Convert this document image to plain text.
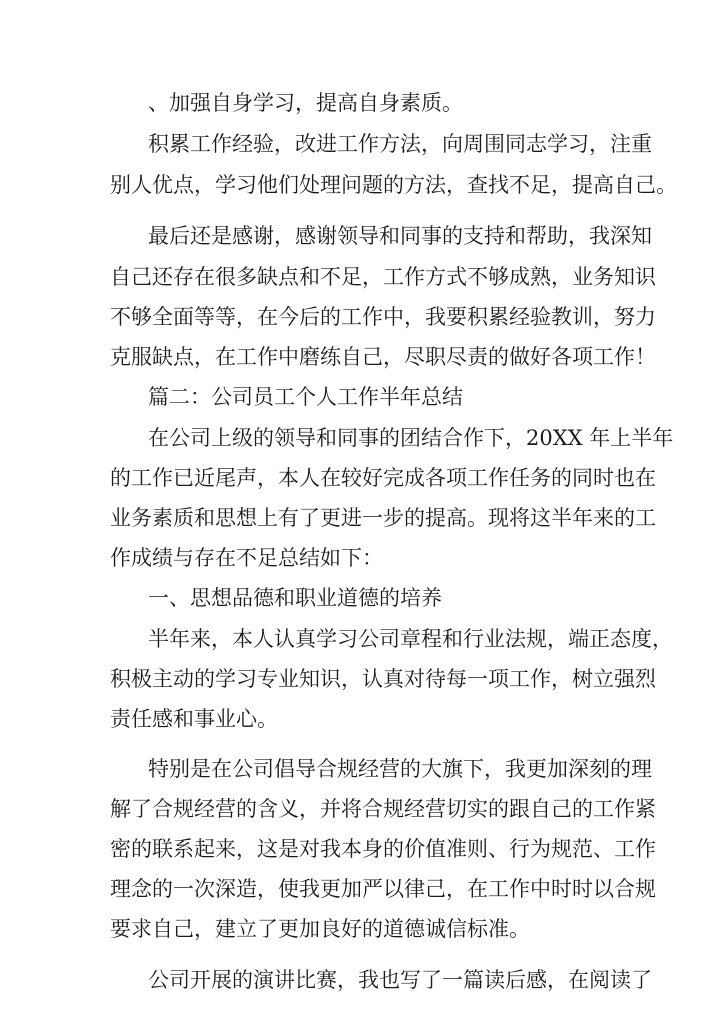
、加强自身学习，提高自身素质。
积累工作经验，改进工作方法，向周围同志学习，注重
别人优点，学习他们处理问题的方法，查找不足，提高自己。
最后还是感谢，感谢领导和同事的支持和帮助，我深知
自己还存在很多缺点和不足，工作方式不够成熟，业务知识
不够全面等等，在今后的工作中，我要积累经验教训，努力
克服缺点，在工作中磨练自己，尽职尽责的做好各项工作！
篇二：公司员工个人工作半年总结
在公司上级的领导和同事的团结合作下，20XX 年上半年
的工作已近尾声，本人在较好完成各项工作任务的同时也在
业务素质和思想上有了更进一步的提高。现将这半年来的工
作成绩与存在不足总结如下：
一、思想品德和职业道德的培养
半年来，本人认真学习公司章程和行业法规，端正态度，
积极主动的学习专业知识，认真对待每一项工作，树立强烈
责任感和事业心。
特别是在公司倡导合规经营的大旗下，我更加深刻的理
解了合规经营的含义，并将合规经营切实的跟自己的工作紧
密的联系起来，这是对我本身的价值准则、行为规范、工作
理念的一次深造，使我更加严以律己，在工作中时时以合规
要求自己，建立了更加良好的道德诚信标准。
公司开展的演讲比赛，我也写了一篇读后感，在阅读了
